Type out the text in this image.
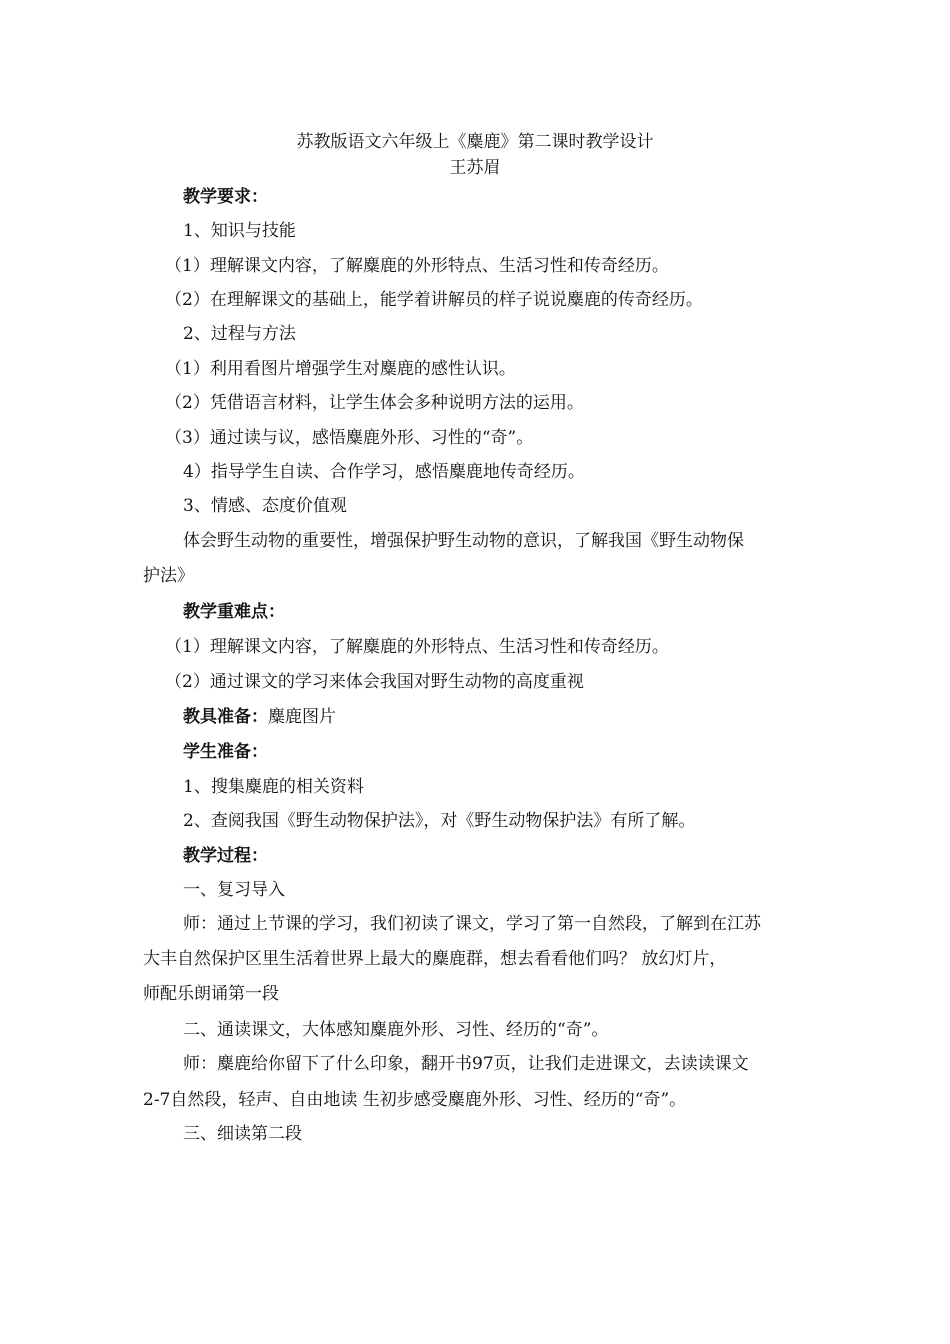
苏教版语文六年级上《麋鹿》第二课时教学设计
王苏眉
教学要求：
1、知识与技能
（1）理解课文内容，了解麋鹿的外形特点、生活习性和传奇经历。
（2）在理解课文的基础上，能学着讲解员的样子说说麋鹿的传奇经历。
2、过程与方法
（1）利用看图片增强学生对麋鹿的感性认识。
（2）凭借语言材料，让学生体会多种说明方法的运用。
（3）通过读与议，感悟麋鹿外形、习性的“奇”。
4）指导学生自读、合作学习，感悟麋鹿地传奇经历。
3、情感、态度价值观
体会野生动物的重要性，增强保护野生动物的意识，了解我国《野生动物保
护法》
教学重难点：
（1）理解课文内容，了解麋鹿的外形特点、生活习性和传奇经历。
（2）通过课文的学习来体会我国对野生动物的高度重视
教具准备：麋鹿图片
学生准备：
1、搜集麋鹿的相关资料
2、查阅我国《野生动物保护法》，对《野生动物保护法》有所了解。
教学过程：
一、复习导入
师：通过上节课的学习，我们初读了课文，学习了第一自然段，了解到在江苏
大丰自然保护区里生活着世界上最大的麋鹿群，想去看看他们吗？ 放幻灯片，
师配乐朗诵第一段
二、通读课文，大体感知麋鹿外形、习性、经历的“奇”。
师：麋鹿给你留下了什么印象，翻开书97页，让我们走进课文，去读读课文
2-7自然段，轻声、自由地读 生初步感受麋鹿外形、习性、经历的“奇”。
三、细读第二段
